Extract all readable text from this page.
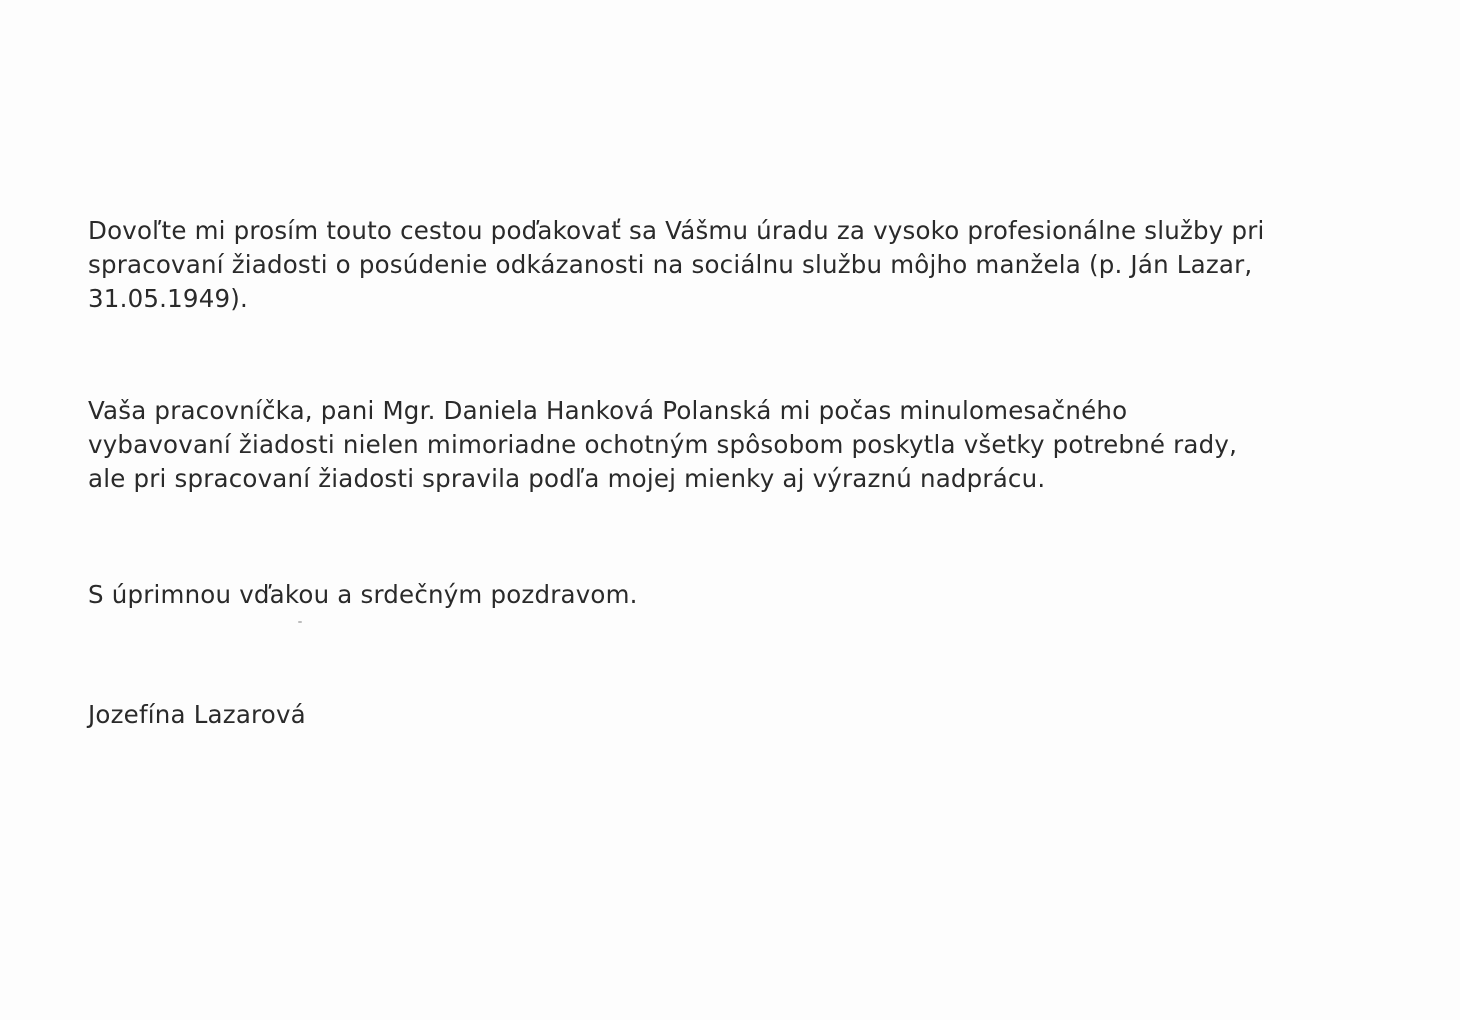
Dovoľte mi prosím touto cestou poďakovať sa Vášmu úradu za vysoko profesionálne služby pri
spracovaní žiadosti o posúdenie odkázanosti na sociálnu službu môjho manžela (p. Ján Lazar,
31.05.1949).

Vaša pracovníčka, pani Mgr. Daniela Hanková Polanská mi počas minulomesačného
vybavovaní žiadosti nielen mimoriadne ochotným spôsobom poskytla všetky potrebné rady,
ale pri spracovaní žiadosti spravila podľa mojej mienky aj výraznú nadprácu.

S úprimnou vďakou a srdečným pozdravom.

Jozefína Lazarová
